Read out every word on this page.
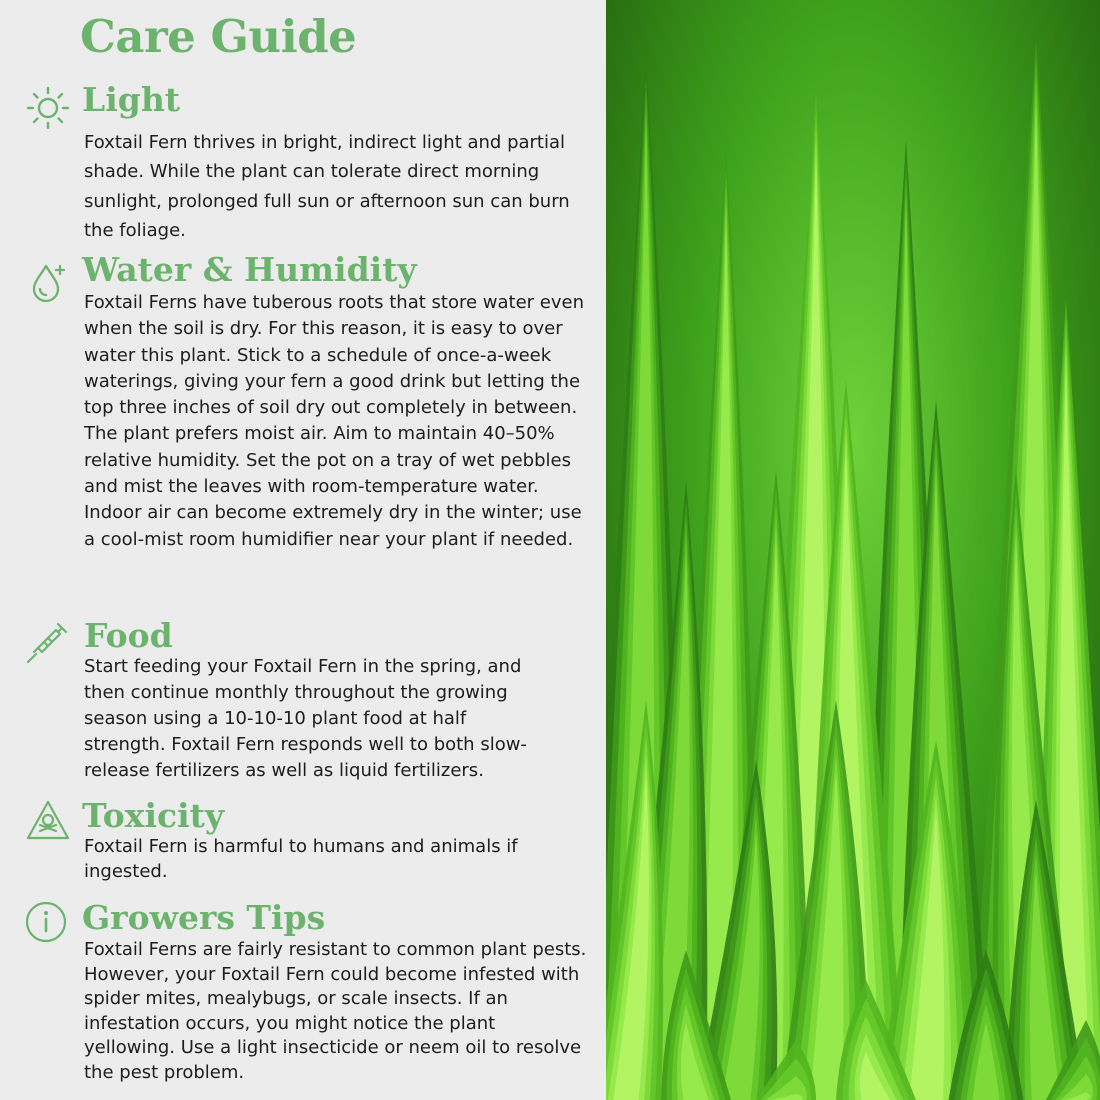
Care Guide
Light

Foxtail Fern thrives in bright, indirect light and partial shade. While the plant can tolerate direct morning sunlight, prolonged full sun or afternoon sun can burn the foliage.

Water & Humidity

Foxtail Ferns have tuberous roots that store water even when the soil is dry. For this reason, it is easy to over water this plant. Stick to a schedule of once-a-week waterings, giving your fern a good drink but letting the top three inches of soil dry out completely in between. The plant prefers moist air. Aim to maintain 40–50% relative humidity. Set the pot on a tray of wet pebbles and mist the leaves with room-temperature water. Indoor air can become extremely dry in the winter; use a cool-mist room humidifier near your plant if needed.

Food

Start feeding your Foxtail Fern in the spring, and then continue monthly throughout the growing season using a 10-10-10 plant food at half strength. Foxtail Fern responds well to both slow-release fertilizers as well as liquid fertilizers.

Toxicity

Foxtail Fern is harmful to humans and animals if ingested.

Growers Tips

Foxtail Ferns are fairly resistant to common plant pests. However, your Foxtail Fern could become infested with spider mites, mealybugs, or scale insects. If an infestation occurs, you might notice the plant yellowing. Use a light insecticide or neem oil to resolve the pest problem.
